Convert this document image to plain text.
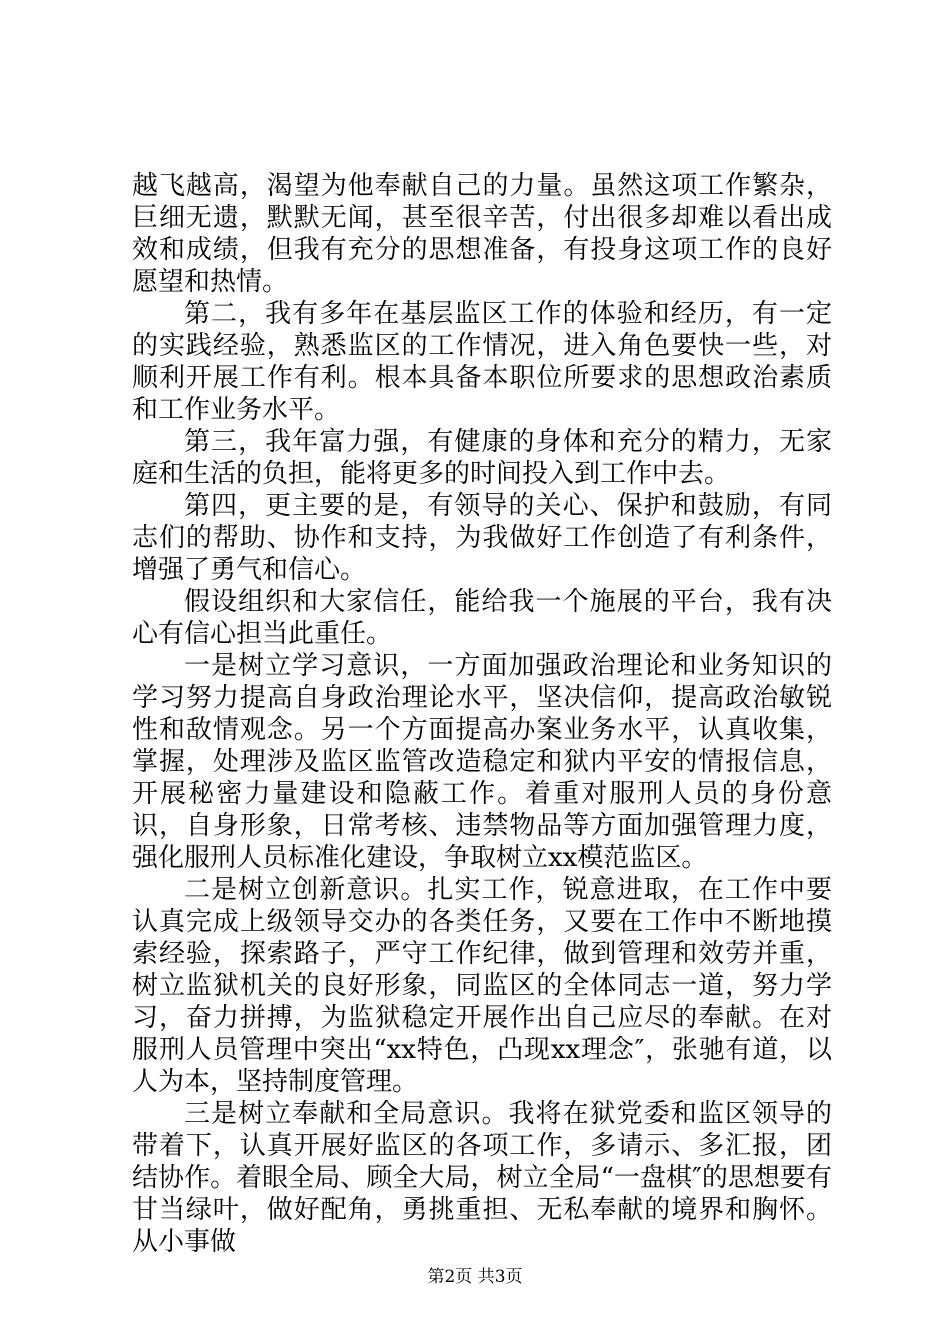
越飞越高，渴望为他奉献自己的力量。虽然这项工作繁杂，巨细无遗，默默无闻，甚至很辛苦，付出很多却难以看出成效和成绩，但我有充分的思想准备，有投身这项工作的良好愿望和热情。

第二，我有多年在基层监区工作的体验和经历，有一定的实践经验，熟悉监区的工作情况，进入角色要快一些，对顺利开展工作有利。根本具备本职位所要求的思想政治素质和工作业务水平。

第三，我年富力强，有健康的身体和充分的精力，无家庭和生活的负担，能将更多的时间投入到工作中去。

第四，更主要的是，有领导的关心、保护和鼓励，有同志们的帮助、协作和支持，为我做好工作创造了有利条件，增强了勇气和信心。

假设组织和大家信任，能给我一个施展的平台，我有决心有信心担当此重任。

一是树立学习意识，一方面加强政治理论和业务知识的学习努力提高自身政治理论水平，坚决信仰，提高政治敏锐性和敌情观念。另一个方面提高办案业务水平，认真收集，掌握，处理涉及监区监管改造稳定和狱内平安的情报信息，开展秘密力量建设和隐蔽工作。着重对服刑人员的身份意识，自身形象，日常考核、违禁物品等方面加强管理力度，强化服刑人员标准化建设，争取树立xx模范监区。

二是树立创新意识。扎实工作，锐意进取，在工作中要认真完成上级领导交办的各类任务，又要在工作中不断地摸索经验，探索路子，严守工作纪律，做到管理和效劳并重，树立监狱机关的良好形象，同监区的全体同志一道，努力学习，奋力拼搏，为监狱稳定开展作出自己应尽的奉献。在对服刑人员管理中突出“xx特色，凸现xx理念″，张驰有道，以人为本，坚持制度管理。

三是树立奉献和全局意识。我将在狱党委和监区领导的带着下，认真开展好监区的各项工作，多请示、多汇报，团结协作。着眼全局、顾全大局，树立全局“一盘棋″的思想要有甘当绿叶，做好配角，勇挑重担、无私奉献的境界和胸怀。从小事做

第2页 共3页
